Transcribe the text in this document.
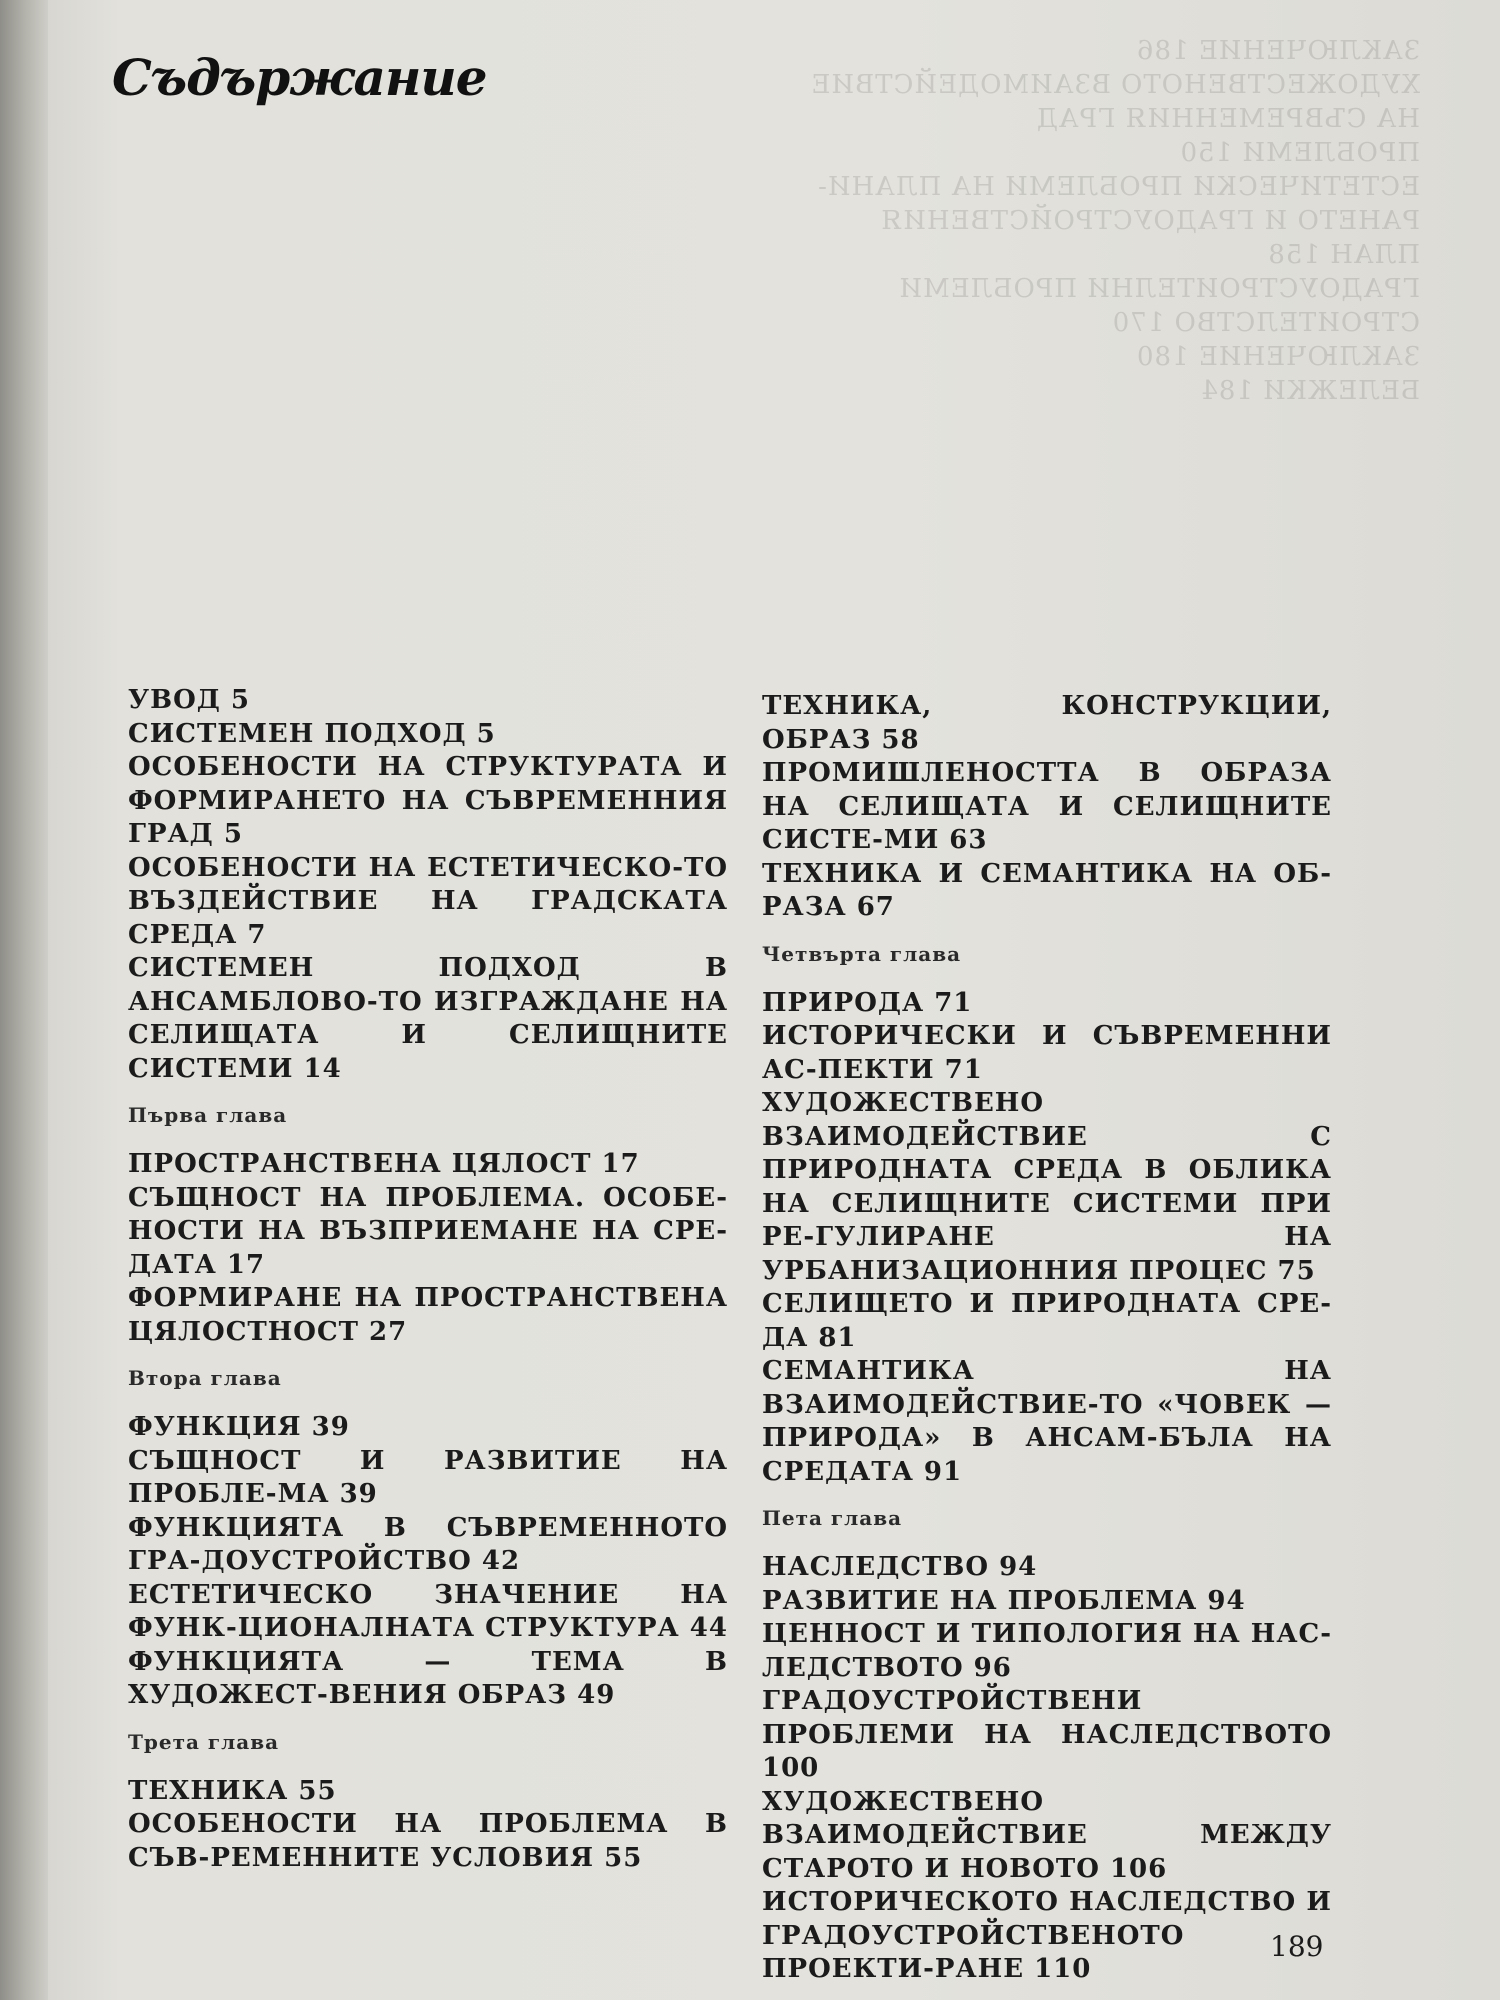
ЗАКЛЮЧЕНИЕ 186
ХУДОЖЕСТВЕНОТО ВЗАИМОДЕЙСТВИЕ
НА СЪВРЕМЕННИЯ ГРАД
ПРОБЛЕМИ 150
ЕСТЕТИЧЕСКИ ПРОБЛЕМИ НА ПЛАНИ-
РАНЕТО И ГРАДОУСТРОЙСТВЕНИЯ
ПЛАН 158
ГРАДОУСТРОИТЕЛНИ ПРОБЛЕМИ
СТРОИТЕЛСТВО 170
ЗАКЛЮЧЕНИЕ 180
БЕЛЕЖКИ 184

Съдържание
УВОД 5
СИСТЕМЕН ПОДХОД 5
ОСОБЕНОСТИ НА СТРУКТУРАТА И ФОРМИРАНЕТО НА СЪВРЕМЕННИЯ ГРАД 5
ОСОБЕНОСТИ НА ЕСТЕТИЧЕСКО-ТО ВЪЗДЕЙСТВИЕ НА ГРАДСКАТА СРЕДА 7
СИСТЕМЕН ПОДХОД В АНСАМБЛОВО-ТО ИЗГРАЖДАНЕ НА СЕЛИЩАТА И СЕЛИЩНИТЕ СИСТЕМИ 14
Първа глава
ПРОСТРАНСТВЕНА ЦЯЛОСТ 17
СЪЩНОСТ НА ПРОБЛЕМА. ОСОБЕ-НОСТИ НА ВЪЗПРИЕМАНЕ НА СРЕ-ДАТА 17
ФОРМИРАНЕ НА ПРОСТРАНСТВЕНА ЦЯЛОСТНОСТ 27
Втора глава
ФУНКЦИЯ 39
СЪЩНОСТ И РАЗВИТИЕ НА ПРОБЛЕ-МА 39
ФУНКЦИЯТА В СЪВРЕМЕННОТО ГРА-ДОУСТРОЙСТВО 42
ЕСТЕТИЧЕСКО ЗНАЧЕНИЕ НА ФУНК-ЦИОНАЛНАТА СТРУКТУРА 44
ФУНКЦИЯТА — ТЕМА В ХУДОЖЕСТ-ВЕНИЯ ОБРАЗ 49
Трета глава
ТЕХНИКА 55
ОСОБЕНОСТИ НА ПРОБЛЕМА В СЪВ-РЕМЕННИТЕ УСЛОВИЯ 55
ТЕХНИКА, КОНСТРУКЦИИ, ОБРАЗ 58
ПРОМИШЛЕНОСТТА В ОБРАЗА НА СЕЛИЩАТА И СЕЛИЩНИТЕ СИСТЕ-МИ 63
ТЕХНИКА И СЕМАНТИКА НА ОБ-РАЗА 67
Четвърта глава
ПРИРОДА 71
ИСТОРИЧЕСКИ И СЪВРЕМЕННИ АС-ПЕКТИ 71
ХУДОЖЕСТВЕНО ВЗАИМОДЕЙСТВИЕ С ПРИРОДНАТА СРЕДА В ОБЛИКА НА СЕЛИЩНИТЕ СИСТЕМИ ПРИ РЕ-ГУЛИРАНЕ НА УРБАНИЗАЦИОННИЯ ПРОЦЕС 75
СЕЛИЩЕТО И ПРИРОДНАТА СРЕ-ДА 81
СЕМАНТИКА НА ВЗАИМОДЕЙСТВИЕ-ТО «ЧОВЕК — ПРИРОДА» В АНСАМ-БЪЛА НА СРЕДАТА 91
Пета глава
НАСЛЕДСТВО 94
РАЗВИТИЕ НА ПРОБЛЕМА 94
ЦЕННОСТ И ТИПОЛОГИЯ НА НАС-ЛЕДСТВОТО 96
ГРАДОУСТРОЙСТВЕНИ ПРОБЛЕМИ НА НАСЛЕДСТВОТО 100
ХУДОЖЕСТВЕНО ВЗАИМОДЕЙСТВИЕ МЕЖДУ СТАРОТО И НОВОТО 106
ИСТОРИЧЕСКОТО НАСЛЕДСТВО И ГРАДОУСТРОЙСТВЕНОТО ПРОЕКТИ-РАНЕ 110
189
